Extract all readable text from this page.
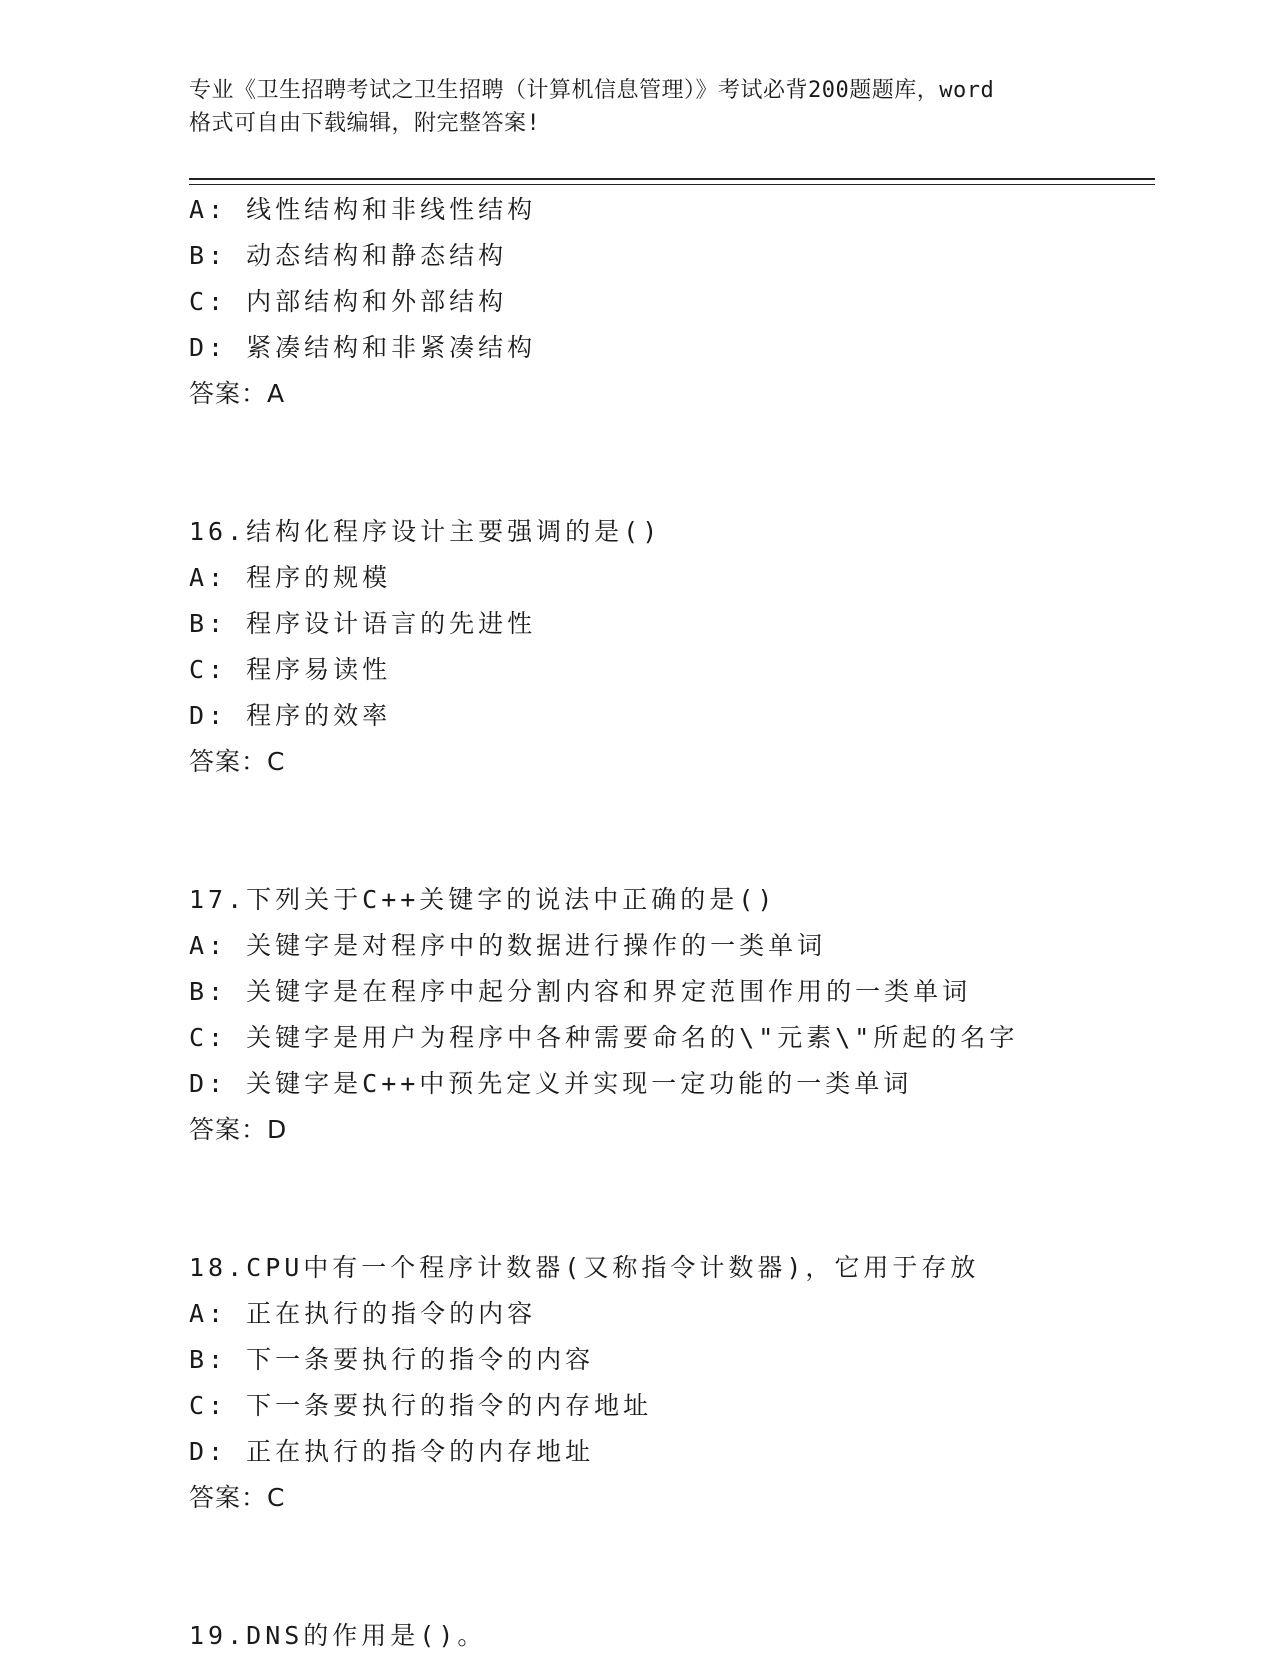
专业《卫生招聘考试之卫生招聘（计算机信息管理）》考试必背200题题库，word
格式可自由下载编辑，附完整答案!
A: 线性结构和非线性结构
B: 动态结构和静态结构
C: 内部结构和外部结构
D: 紧凑结构和非紧凑结构
答案：A
16.结构化程序设计主要强调的是()
A: 程序的规模
B: 程序设计语言的先进性
C: 程序易读性
D: 程序的效率
答案：C
17.下列关于C++关键字的说法中正确的是()
A: 关键字是对程序中的数据进行操作的一类单词
B: 关键字是在程序中起分割内容和界定范围作用的一类单词
C: 关键字是用户为程序中各种需要命名的\"元素\"所起的名字
D: 关键字是C++中预先定义并实现一定功能的一类单词
答案：D
18.CPU中有一个程序计数器(又称指令计数器)，它用于存放
A: 正在执行的指令的内容
B: 下一条要执行的指令的内容
C: 下一条要执行的指令的内存地址
D: 正在执行的指令的内存地址
答案：C
19.DNS的作用是()。
